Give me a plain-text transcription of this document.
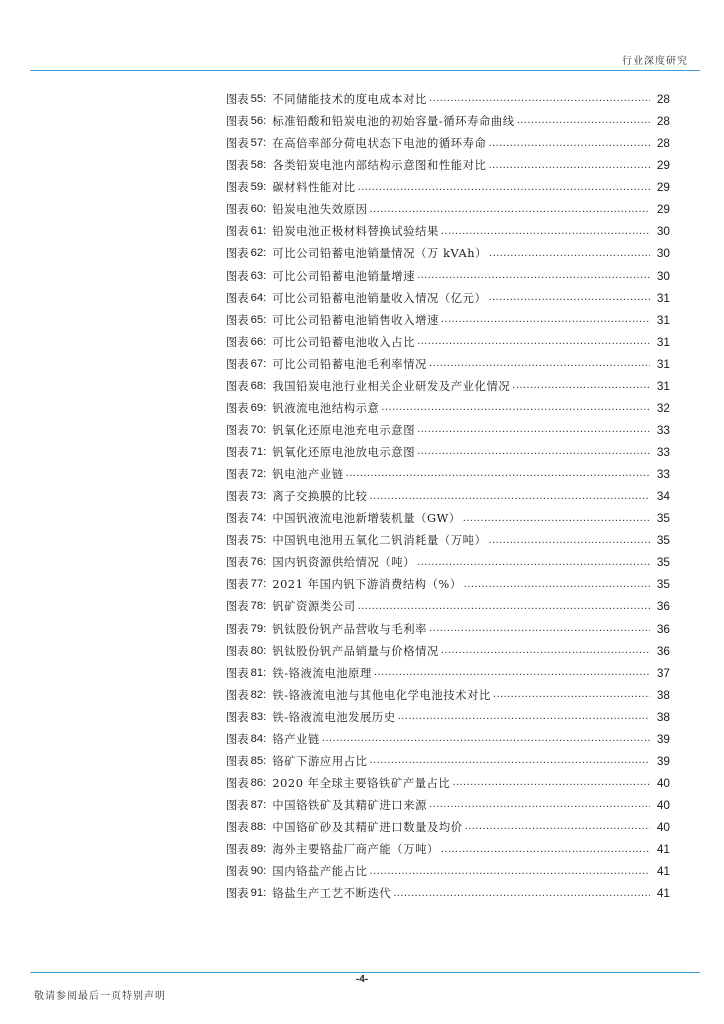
行业深度研究
图表 55: 不同储能技术的度电成本对比 .....	28
图表 56: 标准铅酸和铅炭电池的初始容量-循环寿命曲线 .....	28
图表 57: 在高倍率部分荷电状态下电池的循环寿命 .....	28
图表 58: 各类铅炭电池内部结构示意图和性能对比 .....	29
图表 59: 碳材料性能对比 .....	29
图表 60: 铅炭电池失效原因 .....	29
图表 61: 铅炭电池正极材料替换试验结果 .....	30
图表 62: 可比公司铅蓄电池销量情况（万 kVAh） .....	30
图表 63: 可比公司铅蓄电池销量增速 .....	30
图表 64: 可比公司铅蓄电池销量收入情况（亿元） .....	31
图表 65: 可比公司铅蓄电池销售收入增速 .....	31
图表 66: 可比公司铅蓄电池收入占比 .....	31
图表 67: 可比公司铅蓄电池毛利率情况 .....	31
图表 68: 我国铅炭电池行业相关企业研发及产业化情况 .....	31
图表 69: 钒液流电池结构示意 .....	32
图表 70: 钒氧化还原电池充电示意图 .....	33
图表 71: 钒氧化还原电池放电示意图 .....	33
图表 72: 钒电池产业链 .....	33
图表 73: 离子交换膜的比较 .....	34
图表 74: 中国钒液流电池新增装机量（GW） .....	35
图表 75: 中国钒电池用五氧化二钒消耗量（万吨） .....	35
图表 76: 国内钒资源供给情况（吨） .....	35
图表 77: 2021 年国内钒下游消费结构（%） .....	35
图表 78: 钒矿资源类公司 .....	36
图表 79: 钒钛股份钒产品营收与毛利率 .....	36
图表 80: 钒钛股份钒产品销量与价格情况 .....	36
图表 81: 铁-铬液流电池原理 .....	37
图表 82: 铁-铬液流电池与其他电化学电池技术对比 .....	38
图表 83: 铁-铬液流电池发展历史 .....	38
图表 84: 铬产业链 .....	39
图表 85: 铬矿下游应用占比 .....	39
图表 86: 2020 年全球主要铬铁矿产量占比 .....	40
图表 87: 中国铬铁矿及其精矿进口来源 .....	40
图表 88: 中国铬矿砂及其精矿进口数量及均价 .....	40
图表 89: 海外主要铬盐厂商产能（万吨） .....	41
图表 90: 国内铬盐产能占比 .....	41
图表 91: 铬盐生产工艺不断迭代 .....	41
-4-
敬请参阅最后一页特别声明
